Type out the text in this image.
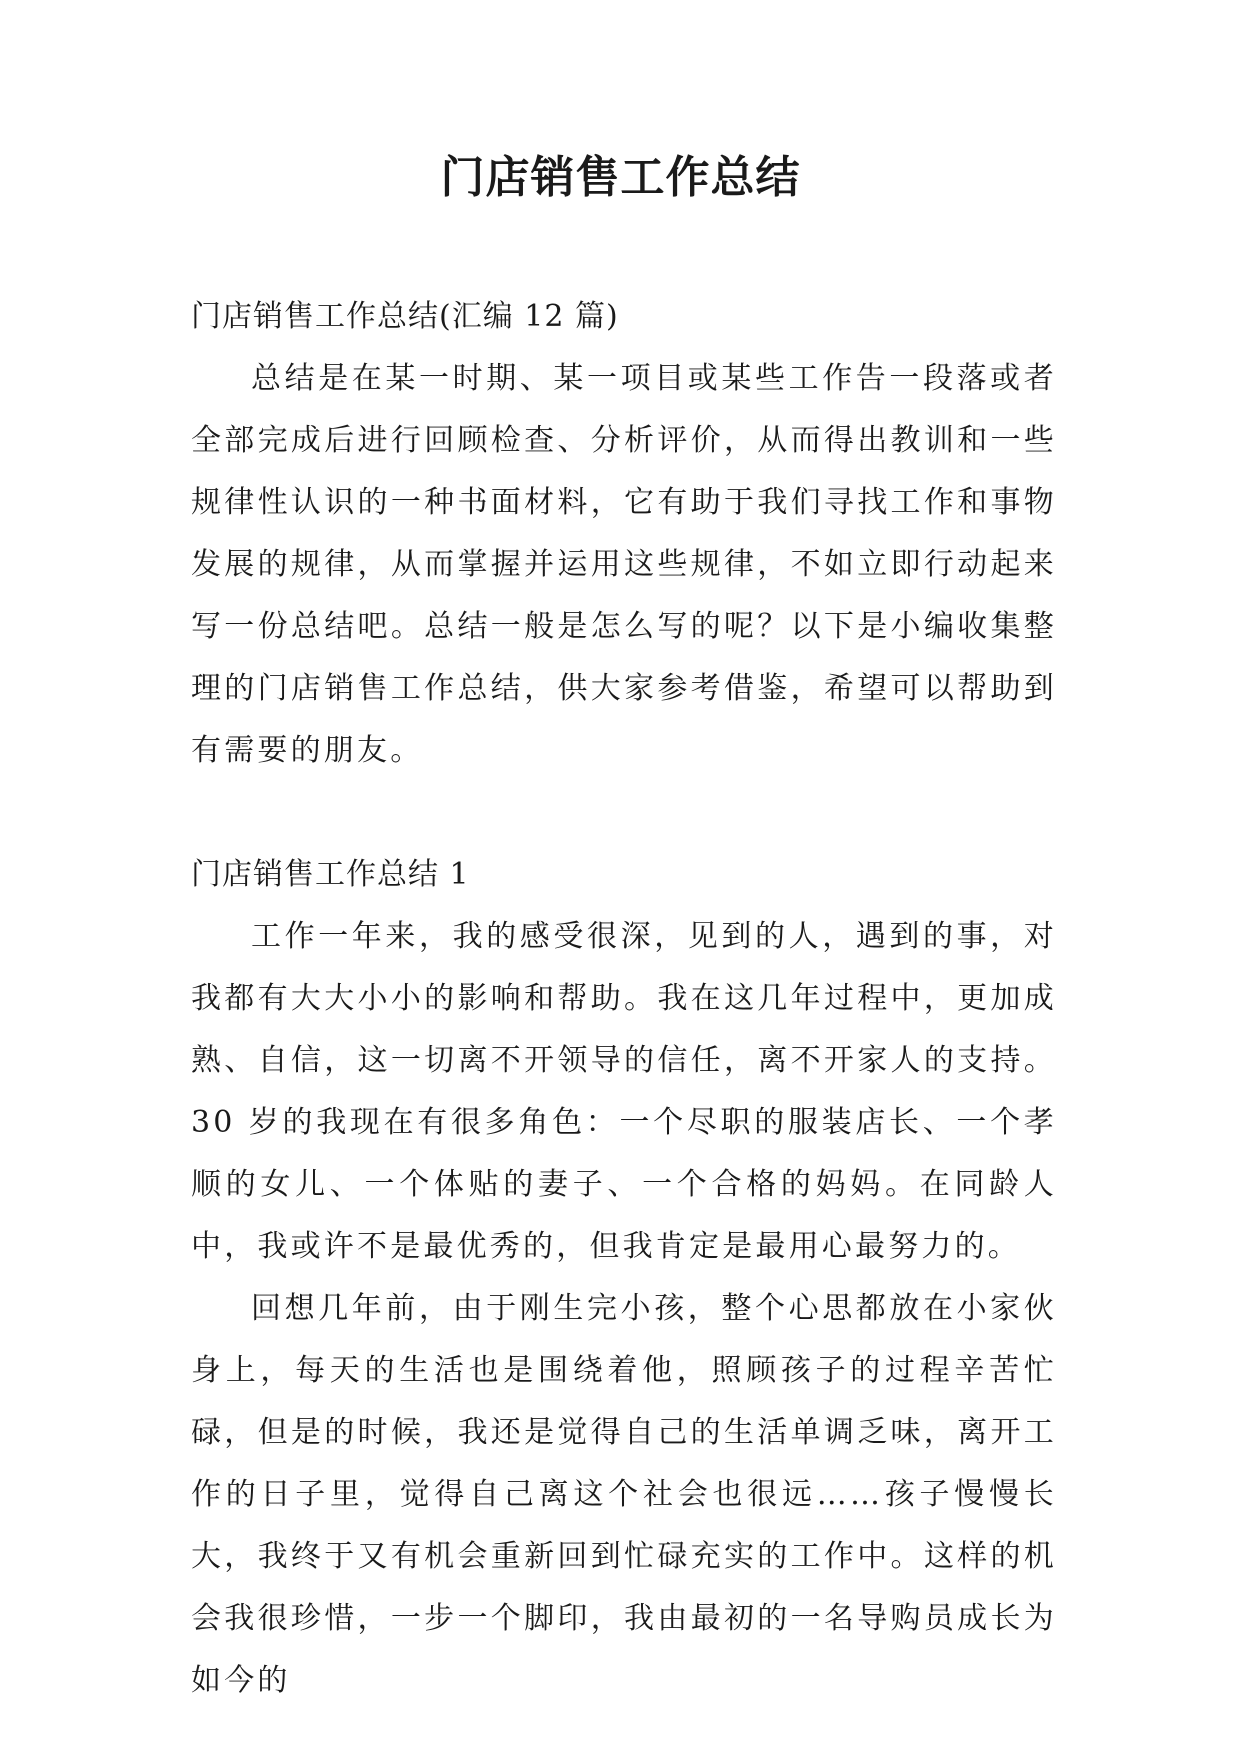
门店销售工作总结

门店销售工作总结(汇编 12 篇)

总结是在某一时期、某一项目或某些工作告一段落或者全部完成后进行回顾检查、分析评价，从而得出教训和一些规律性认识的一种书面材料，它有助于我们寻找工作和事物发展的规律，从而掌握并运用这些规律，不如立即行动起来写一份总结吧。总结一般是怎么写的呢？以下是小编收集整理的门店销售工作总结，供大家参考借鉴，希望可以帮助到有需要的朋友。

门店销售工作总结 1

工作一年来，我的感受很深，见到的人，遇到的事，对我都有大大小小的影响和帮助。我在这几年过程中，更加成熟、自信，这一切离不开领导的信任，离不开家人的支持。30 岁的我现在有很多角色：一个尽职的服装店长、一个孝顺的女儿、一个体贴的妻子、一个合格的妈妈。在同龄人中，我或许不是最优秀的，但我肯定是最用心最努力的。

回想几年前，由于刚生完小孩，整个心思都放在小家伙身上，每天的生活也是围绕着他，照顾孩子的过程辛苦忙碌，但是的时候，我还是觉得自己的生活单调乏味，离开工作的日子里，觉得自己离这个社会也很远……孩子慢慢长大，我终于又有机会重新回到忙碌充实的工作中。这样的机会我很珍惜，一步一个脚印，我由最初的一名导购员成长为如今的
